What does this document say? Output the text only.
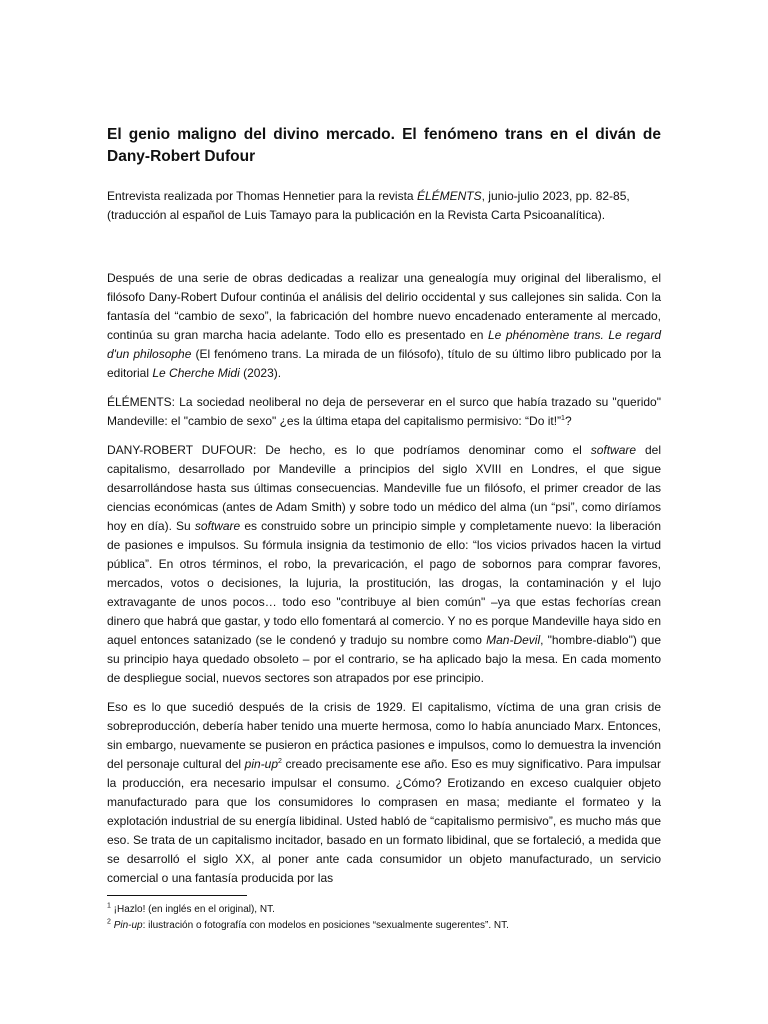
El genio maligno del divino mercado. El fenómeno trans en el diván de Dany-Robert Dufour
Entrevista realizada por Thomas Hennetier para la revista ÉLÉMENTS, junio-julio 2023, pp. 82-85, (traducción al español de Luis Tamayo para la publicación en la Revista Carta Psicoanalítica).

Después de una serie de obras dedicadas a realizar una genealogía muy original del liberalismo, el filósofo Dany-Robert Dufour continúa el análisis del delirio occidental y sus callejones sin salida. Con la fantasía del “cambio de sexo”, la fabricación del hombre nuevo encadenado enteramente al mercado, continúa su gran marcha hacia adelante. Todo ello es presentado en Le phénomène trans. Le regard d'un philosophe (El fenómeno trans. La mirada de un filósofo), título de su último libro publicado por la editorial Le Cherche Midi (2023).

ÉLÉMENTS: La sociedad neoliberal no deja de perseverar en el surco que había trazado su "querido" Mandeville: el "cambio de sexo" ¿es la última etapa del capitalismo permisivo: “Do it!”$^1$?

DANY-ROBERT DUFOUR: De hecho, es lo que podríamos denominar como el software del capitalismo, desarrollado por Mandeville a principios del siglo XVIII en Londres, el que sigue desarrollándose hasta sus últimas consecuencias. Mandeville fue un filósofo, el primer creador de las ciencias económicas (antes de Adam Smith) y sobre todo un médico del alma (un “psi”, como diríamos hoy en día). Su software es construido sobre un principio simple y completamente nuevo: la liberación de pasiones e impulsos. Su fórmula insignia da testimonio de ello: “los vicios privados hacen la virtud pública”. En otros términos, el robo, la prevaricación, el pago de sobornos para comprar favores, mercados, votos o decisiones, la lujuria, la prostitución, las drogas, la contaminación y el lujo extravagante de unos pocos… todo eso "contribuye al bien común" –ya que estas fechorías crean dinero que habrá que gastar, y todo ello fomentará al comercio. Y no es porque Mandeville haya sido en aquel entonces satanizado (se le condenó y tradujo su nombre como Man-Devil, "hombre-diablo") que su principio haya quedado obsoleto – por el contrario, se ha aplicado bajo la mesa. En cada momento de despliegue social, nuevos sectores son atrapados por ese principio.

Eso es lo que sucedió después de la crisis de 1929. El capitalismo, víctima de una gran crisis de sobreproducción, debería haber tenido una muerte hermosa, como lo había anunciado Marx. Entonces, sin embargo, nuevamente se pusieron en práctica pasiones e impulsos, como lo demuestra la invención del personaje cultural del pin-$up^2$ creado precisamente ese año. Eso es muy significativo. Para impulsar la producción, era necesario impulsar el consumo. ¿Cómo? Erotizando en exceso cualquier objeto manufacturado para que los consumidores lo comprasen en masa; mediante el formateo y la explotación industrial de su energía libidinal. Usted habló de “capitalismo permisivo”, es mucho más que eso. Se trata de un capitalismo incitador, basado en un formato libidinal, que se fortaleció, a medida que se desarrolló el siglo XX, al poner ante cada consumidor un objeto manufacturado, un servicio comercial o una fantasía producida por las

$^1$ ¡Hazlo! (en inglés en el original), NT.
$^2$ Pin-up: ilustración o fotografía con modelos en posiciones “sexualmente sugerentes”. NT.
